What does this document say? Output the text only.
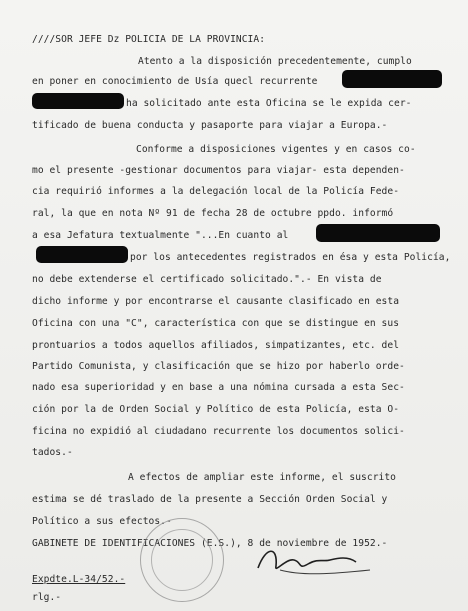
////SOR JEFE Dz POLICIA DE LA PROVINCIA:
Atento a la disposición precedentemente, cumplo
en poner en conocimiento de Usía quecl recurrente
ha solicitado ante esta Oficina se le expida cer-
tificado de buena conducta y pasaporte para viajar a Europa.-
Conforme a disposiciones vigentes y en casos co-
mo el presente -gestionar documentos para viajar- esta dependen-
cia requirió informes a la delegación local de la Policía Fede-
ral, la que en nota Nº 91 de fecha 28 de octubre ppdo. informó
a esa Jefatura textualmente "...En cuanto al
por los antecedentes registrados en ésa y esta Policía,
no debe extenderse el certificado solicitado.".- En vista de
dicho informe y por encontrarse el causante clasificado en esta
Oficina con una "C", característica con que se distingue en sus
prontuarios a todos aquellos afiliados, simpatizantes, etc. del
Partido Comunista, y clasificación que se hizo por haberlo orde-
nado esa superioridad y en base a una nómina cursada a esta Sec-
ción por la de Orden Social y Político de esta Policía, esta O-
ficina no expidió al ciudadano recurrente los documentos solici-
tados.-
A efectos de ampliar este informe, el suscrito
estima se dé traslado de la presente a Sección Orden Social y
Político a sus efectos.-
GABINETE DE IDENTIFICACIONES (E.S.), 8 de noviembre de 1952.-
Expdte.L-34/52.-
rlg.-
